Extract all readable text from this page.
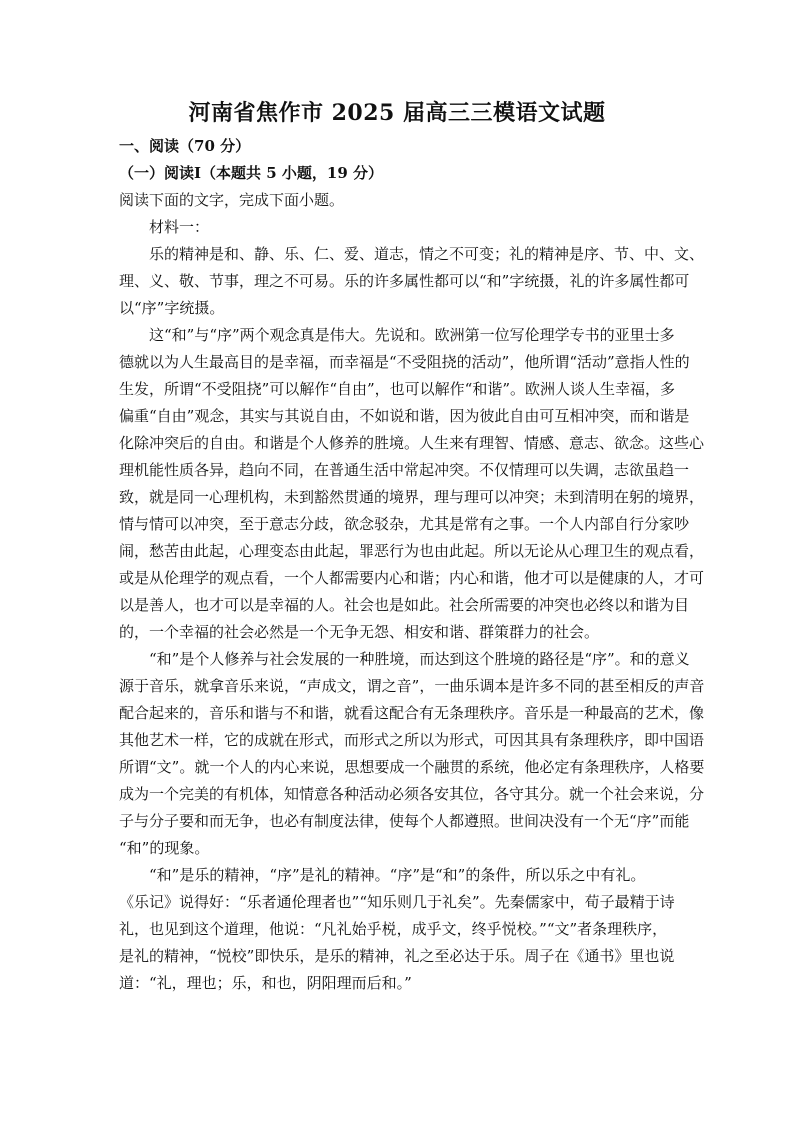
河南省焦作市 2025 届高三三模语文试题
一、阅读（70 分）
（一）阅读Ⅰ（本题共 5 小题，19 分）
阅读下面的文字，完成下面小题。
材料一：
　　乐的精神是和、静、乐、仁、爱、道志，情之不可变；礼的精神是序、节、中、文、
理、义、敬、节事，理之不可易。乐的许多属性都可以“和”字统摄，礼的许多属性都可
以“序”字统摄。
　　这“和”与“序”两个观念真是伟大。先说和。欧洲第一位写伦理学专书的亚里士多
德就以为人生最高目的是幸福，而幸福是“不受阻挠的活动”，他所谓“活动”意指人性的
生发，所谓“不受阻挠”可以解作“自由”，也可以解作“和谐”。欧洲人谈人生幸福，多
偏重“自由”观念，其实与其说自由，不如说和谐，因为彼此自由可互相冲突，而和谐是
化除冲突后的自由。和谐是个人修养的胜境。人生来有理智、情感、意志、欲念。这些心
理机能性质各异，趋向不同，在普通生活中常起冲突。不仅情理可以失调，志欲虽趋一
致，就是同一心理机构，未到豁然贯通的境界，理与理可以冲突；未到清明在躬的境界，
情与情可以冲突，至于意志分歧，欲念驳杂，尤其是常有之事。一个人内部自行分家吵
闹，愁苦由此起，心理变态由此起，罪恶行为也由此起。所以无论从心理卫生的观点看，
或是从伦理学的观点看，一个人都需要内心和谐；内心和谐，他才可以是健康的人，才可
以是善人，也才可以是幸福的人。社会也是如此。社会所需要的冲突也必终以和谐为目
的，一个幸福的社会必然是一个无争无怨、相安和谐、群策群力的社会。
　　“和”是个人修养与社会发展的一种胜境，而达到这个胜境的路径是“序”。和的意义
源于音乐，就拿音乐来说，“声成文，谓之音”，一曲乐调本是许多不同的甚至相反的声音
配合起来的，音乐和谐与不和谐，就看这配合有无条理秩序。音乐是一种最高的艺术，像
其他艺术一样，它的成就在形式，而形式之所以为形式，可因其具有条理秩序，即中国语
所谓“文”。就一个人的内心来说，思想要成一个融贯的系统，他必定有条理秩序，人格要
成为一个完美的有机体，知情意各种活动必须各安其位，各守其分。就一个社会来说，分
子与分子要和而无争，也必有制度法律，使每个人都遵照。世间决没有一个无“序”而能
“和”的现象。
　　“和”是乐的精神，“序”是礼的精神。“序”是“和”的条件，所以乐之中有礼。
《乐记》说得好：“乐者通伦理者也”“知乐则几于礼矣”。先秦儒家中，荀子最精于诗
礼，也见到这个道理，他说：“凡礼始乎棁，成乎文，终乎悦校。”“文”者条理秩序，
是礼的精神，“悦校”即快乐，是乐的精神，礼之至必达于乐。周子在《通书》里也说
道：“礼，理也；乐，和也，阴阳理而后和。”
